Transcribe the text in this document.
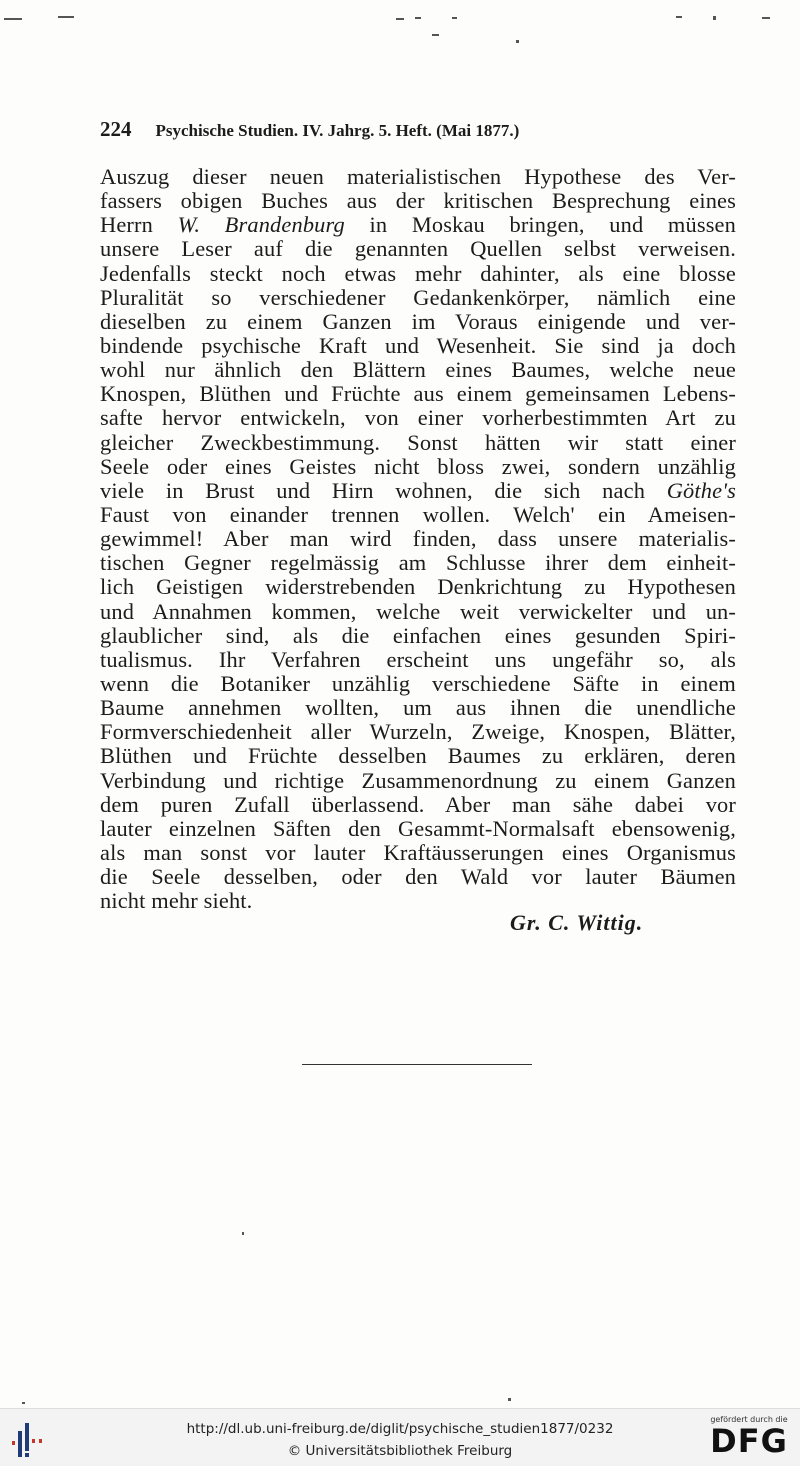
224 Psychische Studien. IV. Jahrg. 5. Heft. (Mai 1877.)
Auszug dieser neuen materialistischen Hypothese des Ver-
fassers obigen Buches aus der kritischen Besprechung eines
Herrn W. Brandenburg in Moskau bringen, und müssen
unsere Leser auf die genannten Quellen selbst verweisen.
Jedenfalls steckt noch etwas mehr dahinter, als eine blosse
Pluralität so verschiedener Gedankenkörper, nämlich eine
dieselben zu einem Ganzen im Voraus einigende und ver-
bindende psychische Kraft und Wesenheit. Sie sind ja doch
wohl nur ähnlich den Blättern eines Baumes, welche neue
Knospen, Blüthen und Früchte aus einem gemeinsamen Lebens-
safte hervor entwickeln, von einer vorherbestimmten Art zu
gleicher Zweckbestimmung. Sonst hätten wir statt einer
Seele oder eines Geistes nicht bloss zwei, sondern unzählig
viele in Brust und Hirn wohnen, die sich nach Göthe's
Faust von einander trennen wollen. Welch' ein Ameisen-
gewimmel! Aber man wird finden, dass unsere materialis-
tischen Gegner regelmässig am Schlusse ihrer dem einheit-
lich Geistigen widerstrebenden Denkrichtung zu Hypothesen
und Annahmen kommen, welche weit verwickelter und un-
glaublicher sind, als die einfachen eines gesunden Spiri-
tualismus. Ihr Verfahren erscheint uns ungefähr so, als
wenn die Botaniker unzählig verschiedene Säfte in einem
Baume annehmen wollten, um aus ihnen die unendliche
Formverschiedenheit aller Wurzeln, Zweige, Knospen, Blätter,
Blüthen und Früchte desselben Baumes zu erklären, deren
Verbindung und richtige Zusammenordnung zu einem Ganzen
dem puren Zufall überlassend. Aber man sähe dabei vor
lauter einzelnen Säften den Gesammt-Normalsaft ebensowenig,
als man sonst vor lauter Kraftäusserungen eines Organismus
die Seele desselben, oder den Wald vor lauter Bäumen
nicht mehr sieht.
Gr. C. Wittig.
http://dl.ub.uni-freiburg.de/diglit/psychische_studien1877/0232
© Universitätsbibliothek Freiburg
gefördert durch die
DFG
